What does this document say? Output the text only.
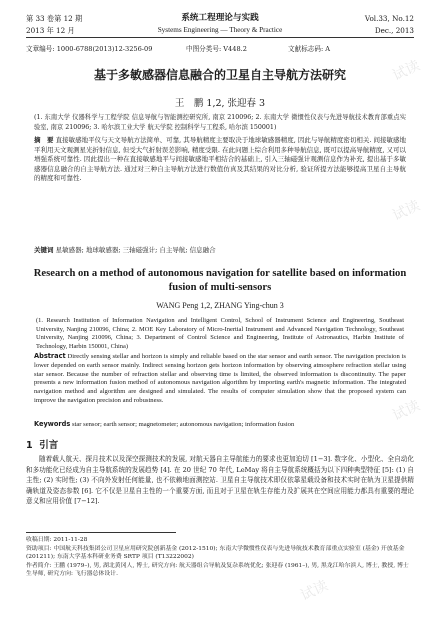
第 33 卷第 12 期	系统工程理论与实践	Vol.33, No.12
2013 年 12 月	Systems Engineering — Theory & Practice	Dec., 2013
文章编号: 1000-6788(2013)12-3256-09	中图分类号: V448.2	文献标志码: A
基于多敏感器信息融合的卫星自主导航方法研究
王　鹏 1,2, 张迎春 3
(1. 东南大学 仪器科学与工程学院 信息导航与智能测控研究所, 南京 210096; 2. 东南大学 微惯性仪表与先进导航技术教育部重点实验室, 南京 210096; 3. 哈尔滨工业大学 航天学院 控制科学与工程系, 哈尔滨 150001)
摘　要 直接敏感地平仪与天文导航方法简单、可靠, 其导航精度主要取决于地球敏感器精度, 因此与导航精度密切相关. 间接敏感地平利用天文观测星光折射信息, 但受大气折射误差影响, 精度受限. 在此问题上综合利用多种导航信息, 既可以提高导航精度, 又可以增强系统可靠性. 因此提出一种在直接敏感地平与间接敏感地平相结合的基础上, 引入三轴磁强计观测信息作为补充, 提出基于多敏感器信息融合的自主导航方法. 通过对三种自主导航方法进行数值仿真及其结果的对比分析, 验证所提方法能够提高卫星自主导航的精度和可靠性.
关键词 星敏感器; 地球敏感器; 三轴磁强计; 自主导航; 信息融合
Research on a method of autonomous navigation for satellite based on information fusion of multi-sensors
WANG Peng 1,2, ZHANG Ying-chun 3
(1. Research Institution of Information Navigation and Intelligent Control, School of Instrument Science and Engineering, Southeast University, Nanjing 210096, China; 2. MOE Key Laboratory of Micro-Inertial Instrument and Advanced Navigation Technology, Southeast University, Nanjing 210096, China; 3. Department of Control Science and Engineering, Institute of Astronautics, Harbin Institute of Technology, Harbin 150001, China)
Abstract Directly sensing stellar and horizon is simply and reliable based on the star sensor and earth sensor. The navigation precision is lower depended on earth sensor mainly. Indirect sensing horizon gets horizon information by observing atmosphere refraction stellar using star sensor. Because the number of refraction stellar and observing time is limited, the observed information is discontinuity. The paper presents a new information fusion method of autonomous navigation algorithm by importing earth's magnetic information. The integrated navigation method and algorithm are designed and simulated. The results of computer simulation show that the proposed system can improve the navigation precision and robustness.
Keywords star sensor; earth sensor; magnetometer; autonomous navigation; information fusion
1 引言
随着载人航天、探月技术以及深空探测技术的发展, 对航天器自主导航能力的要求也更加迫切 [1−3]. 数字化、小型化、全自动化和多功能化已经成为自主导航系统的发展趋势 [4]. 在 20 世纪 70 年代, LeMay 将自主导航系统概括为以下四种典型特征 [5]: (1) 自主性; (2) 实时性; (3) 不向外发射任何能量, 也不依赖地面测控站. 卫星自主导航技术即仅依靠星载设备和技术实时在轨为卫星提供精确轨道及姿态参数 [6]. 它不仅是卫星自主性的一个重要方面, 而且对于卫星在轨生存能力及扩展其在空间应用能力都具有重要的理论意义和应用价值 [7−12].
收稿日期: 2011-11-28
资助项目: 中国航天科技集团公司卫星应用研究院创新基金 (2012-1510); 东南大学微惯性仪表与先进导航技术教育部重点实验室 (基金) 开放基金 (201211); 东南大学基本科研业务费 SRTP 项目 (T13222002)
作者简介: 王鹏 (1979–), 男, 湖北黄冈人, 博士, 研究方向: 航天器组合导航及复杂系统优化; 张迎春 (1961–), 男, 黑龙江哈尔滨人, 博士, 教授, 博士生导师, 研究方向: 飞行器总体设计.
试读
试读
试读
试读
